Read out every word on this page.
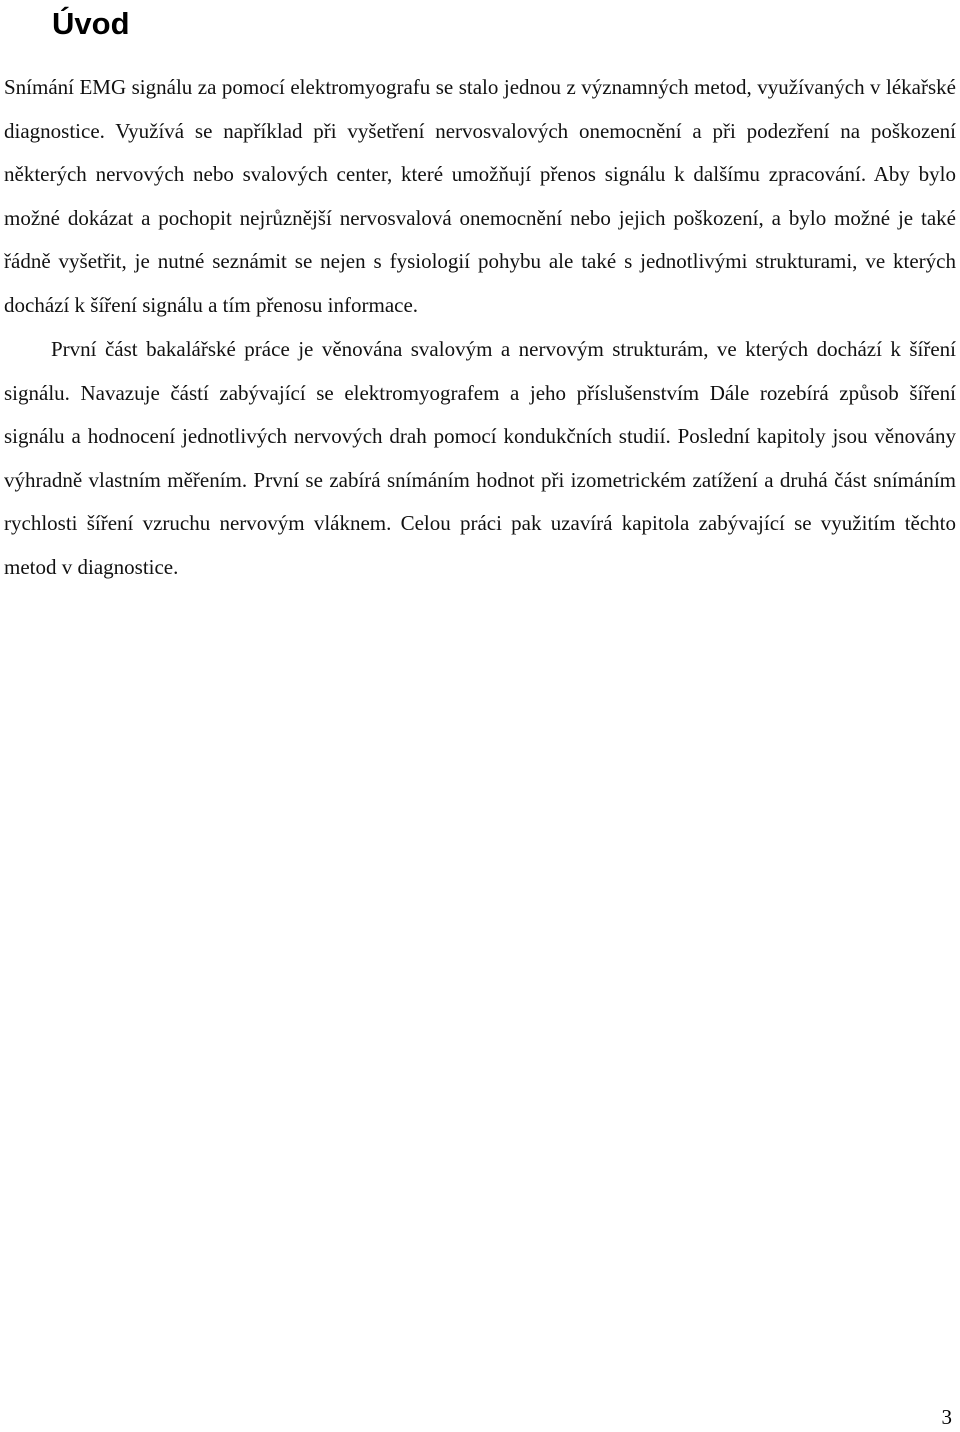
Úvod

Snímání EMG signálu za pomocí elektromyografu se stalo jednou z významných metod, využívaných v lékařské diagnostice. Využívá se například při vyšetření nervosvalových onemocnění a při podezření na poškození některých nervových nebo svalových center, které umožňují přenos signálu k dalšímu zpracování. Aby bylo možné dokázat a pochopit nejrůznější nervosvalová onemocnění nebo jejich poškození, a bylo možné je také řádně vyšetřit, je nutné seznámit se nejen s fysiologií pohybu ale také s jednotlivými strukturami, ve kterých dochází k šíření signálu a tím přenosu informace.

První část bakalářské práce je věnována svalovým a nervovým strukturám, ve kterých dochází k šíření signálu. Navazuje částí zabývající se elektromyografem a jeho příslušenstvím Dále rozebírá způsob šíření signálu a hodnocení jednotlivých nervových drah pomocí kondukčních studií. Poslední kapitoly jsou věnovány výhradně vlastním měřením. První se zabírá snímáním hodnot při izometrickém zatížení a druhá část snímáním rychlosti šíření vzruchu nervovým vláknem. Celou práci pak uzavírá kapitola zabývající se využitím těchto metod v diagnostice.

3
